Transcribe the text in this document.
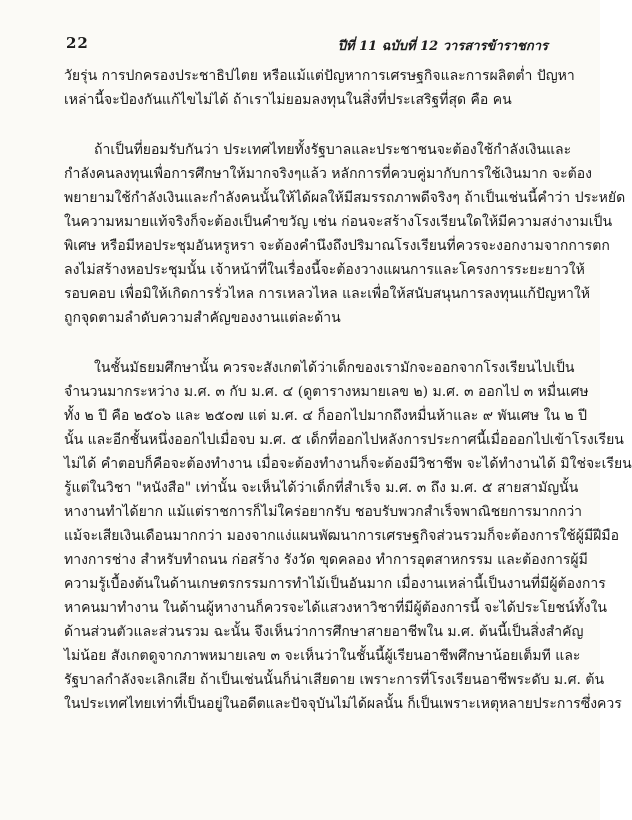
22	ปีที่ 11 ฉบับที่ 12 วารสารข้าราชการ
วัยรุ่น การปกครองประชาธิปไตย หรือแม้แต่ปัญหาการเศรษฐกิจและการผลิตต่ำ ปัญหา
เหล่านี้จะป้องกันแก้ไขไม่ได้ ถ้าเราไม่ยอมลงทุนในสิ่งที่ประเสริฐที่สุด คือ คน
ถ้าเป็นที่ยอมรับกันว่า ประเทศไทยทั้งรัฐบาลและประชาชนจะต้องใช้กำลังเงินและ
กำลังคนลงทุนเพื่อการศึกษาให้มากจริงๆแล้ว หลักการที่ควบคู่มากับการใช้เงินมาก จะต้อง
พยายามใช้กำลังเงินและกำลังคนนั้นให้ได้ผลให้มีสมรรถภาพดีจริงๆ ถ้าเป็นเช่นนี้คำว่า ประหยัด
ในความหมายแท้จริงก็จะต้องเป็นคำขวัญ เช่น ก่อนจะสร้างโรงเรียนใดให้มีความสง่างามเป็น
พิเศษ หรือมีหอประชุมอันหรูหรา จะต้องคำนึงถึงปริมาณโรงเรียนที่ควรจะงอกงามจากการตก
ลงไม่สร้างหอประชุมนั้น เจ้าหน้าที่ในเรื่องนี้จะต้องวางแผนการและโครงการระยะยาวให้
รอบคอบ เพื่อมิให้เกิดการรั่วไหล การเหลวไหล และเพื่อให้สนับสนุนการลงทุนแก้ปัญหาให้
ถูกจุดตามลำดับความสำคัญของงานแต่ละด้าน
ในชั้นมัธยมศึกษานั้น ควรจะสังเกตได้ว่าเด็กของเรามักจะออกจากโรงเรียนไปเป็น
จำนวนมากระหว่าง ม.ศ. ๓ กับ ม.ศ. ๔ (ดูตารางหมายเลข ๒) ม.ศ. ๓ ออกไป ๓ หมื่นเศษ
ทั้ง ๒ ปี คือ ๒๕๐๖ และ ๒๕๐๗ แต่ ม.ศ. ๔ ก็ออกไปมากถึงหมื่นห้าและ ๙ พันเศษ ใน ๒ ปี
นั้น และอีกชั้นหนึ่งออกไปเมื่อจบ ม.ศ. ๕ เด็กที่ออกไปหลังการประกาศนี้เมื่อออกไปเข้าโรงเรียน
ไม่ได้ คำตอบก็คือจะต้องทำงาน เมื่อจะต้องทำงานก็จะต้องมีวิชาชีพ จะได้ทำงานได้ มิใช่จะเรียน
รู้แต่ในวิชา "หนังสือ" เท่านั้น จะเห็นได้ว่าเด็กที่สำเร็จ ม.ศ. ๓ ถึง ม.ศ. ๕ สายสามัญนั้น
หางานทำได้ยาก แม้แต่ราชการก็ไม่ใคร่อยากรับ ชอบรับพวกสำเร็จพาณิชยการมากกว่า
แม้จะเสียเงินเดือนมากกว่า มองจากแง่แผนพัฒนาการเศรษฐกิจส่วนรวมก็จะต้องการใช้ผู้มีฝีมือ
ทางการช่าง สำหรับทำถนน ก่อสร้าง รังวัด ขุดคลอง ทำการอุตสาหกรรม และต้องการผู้มี
ความรู้เบื้องต้นในด้านเกษตรกรรมการทำไม้เป็นอันมาก เมื่องานเหล่านี้เป็นงานที่มีผู้ต้องการ
หาคนมาทำงาน ในด้านผู้หางานก็ควรจะได้แสวงหาวิชาที่มีผู้ต้องการนี้ จะได้ประโยชน์ทั้งใน
ด้านส่วนตัวและส่วนรวม ฉะนั้น จึงเห็นว่าการศึกษาสายอาชีพใน ม.ศ. ต้นนี้เป็นสิ่งสำคัญ
ไม่น้อย สังเกตดูจากภาพหมายเลข ๓ จะเห็นว่าในชั้นนี้ผู้เรียนอาชีพศึกษาน้อยเต็มที และ
รัฐบาลกำลังจะเลิกเสีย ถ้าเป็นเช่นนั้นก็น่าเสียดาย เพราะการที่โรงเรียนอาชีพระดับ ม.ศ. ต้น
ในประเทศไทยเท่าที่เป็นอยู่ในอดีตและปัจจุบันไม่ได้ผลนั้น ก็เป็นเพราะเหตุหลายประการซึ่งควร
